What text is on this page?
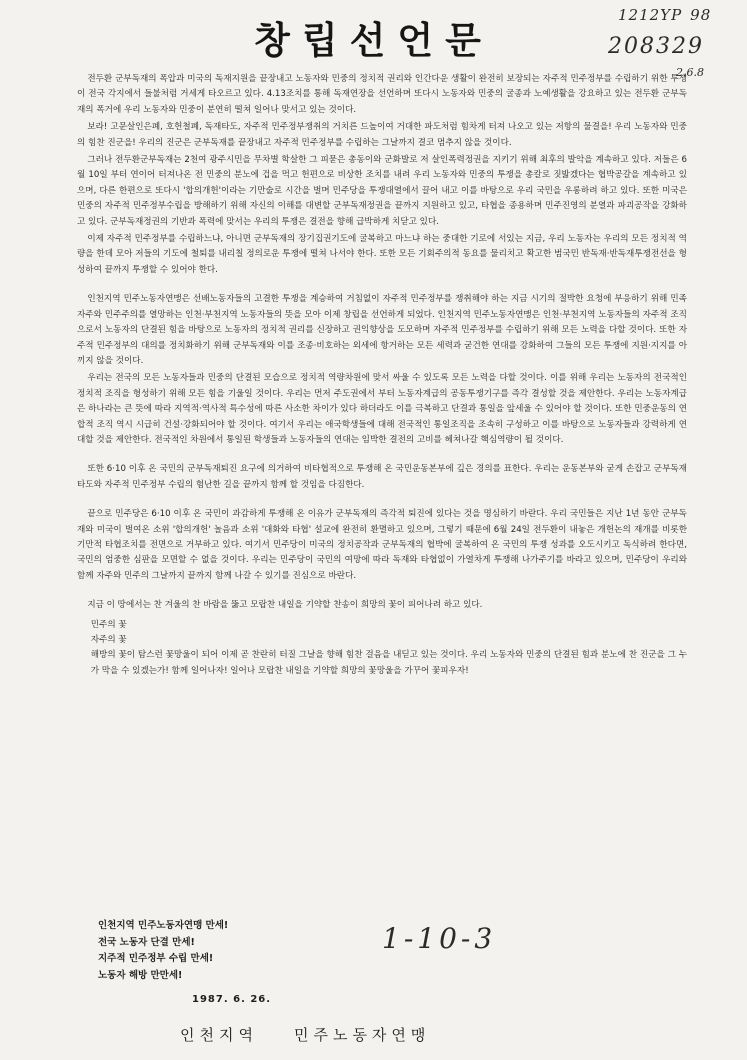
1212YP 98
208329
2.6.8
창립선언문

전두환 군부독재의 폭압과 미국의 독재지원을 끝장내고 노동자와 민중의 정치적 권리와 인간다운 생활이 완전히 보장되는 자주적 민주정부를 수립하기 위한 투쟁이 전국 각지에서 들불처럼 거세게 타오르고 있다. 4.13조치를 통해 독재연장을 선언하며 또다시 노동자와 민중의 굴종과 노예생활을 강요하고 있는 전두환 군부독재의 폭거에 우리 노동자와 민중이 분연히 떨쳐 일어나 맞서고 있는 것이다.

보라! 고문살인은폐, 호헌철폐, 독재타도, 자주적 민주정부쟁취의 거치른 드높이여 거대한 파도처럼 힘차게 터져 나오고 있는 저항의 물결을! 우리 노동자와 민중의 힘찬 진군을! 우리의 진군은 군부독재를 끝장내고 자주적 민주정부를 수립하는 그날까지 결코 멈추지 않을 것이다.

그러나 전두환군부독재는 2천여 광주시민을 무차별 학살한 그 피묻은 총동이와 군화발로 저 살인폭력정권을 지키기 위해 최후의 발악을 계속하고 있다. 저들은 6월 10일 부터 연이어 터져나온 전 민중의 분노에 겁을 먹고 헌편으로 비상한 조치를 내려 우리 노동자와 민중의 투쟁을 총칼로 짓밟겠다는 협박공갈을 계속하고 있으며, 다른 한편으로 또다시 '합의개헌'이라는 기만술로 시간을 벌며 민주당을 투쟁대열에서 끌어 내고 이를 바탕으로 우리 국민을 우롱하려 하고 있다. 또한 미국은 민중의 자주적 민주정부수립을 방해하기 위해 자신의 이해를 대변할 군부독재정권을 끝까지 지원하고 있고, 타협을 종용하며 민주진영의 분열과 파괴공작을 강화하고 있다. 군부독재정권의 기반과 폭력에 맞서는 우리의 투쟁은 결전을 향해 급박하게 치닫고 있다.

이제 자주적 민주정부를 수립하느냐, 아니면 군부독재의 장기집권기도에 굴복하고 마느냐 하는 중대한 기로에 서있는 지금, 우리 노동자는 우리의 모든 정치적 역량을 한데 모아 저들의 기도에 철퇴를 내리칠 정의로운 투쟁에 떨쳐 나서야 한다. 또한 모든 기회주의적 동요를 물리치고 확고한 범국민 반독재·반독재투쟁전선을 형성하여 끝까지 투쟁할 수 있어야 한다.

인천지역 민주노동자연맹은 선배노동자들의 고결한 투쟁을 계승하여 거침없이 자주적 민주정부를 쟁취해야 하는 지금 시기의 절박한 요청에 부응하기 위해 민족자주와 민주주의를 열망하는 인천·부천지역 노동자들의 뜻을 모아 이제 창립을 선언하게 되었다. 인천지역 민주노동자연맹은 인천·부천지역 노동자들의 자주적 조직으로서 노동자의 단결된 힘을 바탕으로 노동자의 정치적 권리를 신장하고 권익향상을 도모하며 자주적 민주정부를 수립하기 위해 모든 노력을 다할 것이다. 또한 자주적 민주정부의 대의를 정치화하기 위해 군부독재와 이를 조종·비호하는 외세에 항거하는 모든 세력과 굳건한 연대를 강화하여 그들의 모든 투쟁에 지원·지지를 아끼지 않을 것이다.

우리는 전국의 모든 노동자들과 민중의 단결된 모습으로 정치적 역량차원에 맞서 싸울 수 있도록 모든 노력을 다할 것이다. 이를 위해 우리는 노동자의 전국적인 정치적 조직을 형성하기 위해 모든 힘을 기울일 것이다. 우리는 먼저 주도권에서 부터 노동자계급의 공동투쟁기구를 즉각 결성할 것을 제안한다. 우리는 노동자계급은 하나라는 큰 뜻에 따라 지역적·역사적 특수성에 따른 사소한 차이가 있다 하더라도 이를 극복하고 단결과 통일을 앞세울 수 있어야 할 것이다. 또한 민중운동의 연합적 조직 역시 시급히 건설·강화되어야 할 것이다. 여기서 우리는 애국학생들에 대해 전국적인 통일조직을 조속히 구성하고 이를 바탕으로 노동자들과 강력하게 연대할 것을 제안한다. 전국적인 차원에서 통일된 학생들과 노동자들의 연대는 임박한 결전의 고비를 헤쳐나갈 핵심역량이 될 것이다.

또한 6·10 이후 온 국민의 군부독재퇴진 요구에 의거하여 비타협적으로 투쟁해 온 국민운동본부에 깊은 경의를 표한다. 우리는 운동본부와 굳게 손잡고 군부독재 타도와 자주적 민주정부 수립의 험난한 길을 끝까지 함께 할 것임을 다짐한다.

끝으로 민주당은 6·10 이후 온 국민이 과감하게 투쟁해 온 이유가 군부독재의 즉각적 퇴진에 있다는 것을 명심하기 바란다. 우리 국민들은 지난 1년 동안 군부독재와 미국이 벌여온 소위 '합의개헌' 놀음과 소위 '대화와 타협' 설교에 완전히 환멸하고 있으며, 그렇기 때문에 6월 24일 전두환이 내놓은 개헌논의 재개를 비롯한 기만적 타협조치를 전면으로 거부하고 있다. 여기서 민주당이 미국의 정치공작과 군부독재의 협박에 굴복하여 온 국민의 투쟁 성과를 오도시키고 독식하려 한다면, 국민의 엄중한 심판을 모면할 수 없을 것이다. 우리는 민주당이 국민의 여망에 따라 독재와 타협없이 가열차게 투쟁해 나가주기를 바라고 있으며, 민주당이 우리와 함께 자주와 민주의 그날까지 끝까지 함께 나갈 수 있기를 진심으로 바란다.

지금 이 땅에서는 찬 겨울의 찬 바람을 뚫고 모랍찬 내일을 기약할 찬송이 희망의 꽃이 피어나려 하고 있다.

민주의 꽃

자주의 꽃

해방의 꽃이 탐스런 꽃망울이 되어 이제 곧 찬란히 터질 그날을 향해 힘찬 걸음을 내딛고 있는 것이다. 우리 노동자와 민중의 단결된 힘과 분노에 찬 진군을 그 누가 막을 수 있겠는가! 함께 일어나자! 일어나 모랍찬 내일을 기약할 희망의 꽃망울을 가꾸어 꽃피우자!

인천지역 민주노동자연맹 만세!
전국 노동자 단결 만세!
지주적 민주정부 수립 만세!
노동자 해방 만만세!
1-10-3
1987. 6. 26.
인천지역 민주노동자연맹
